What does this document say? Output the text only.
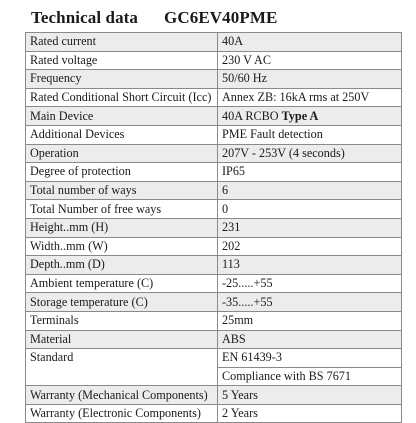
Technical data GC6EV40PME
Rated current	40A
Rated voltage	230 V AC
Frequency	50/60 Hz
Rated Conditional Short Circuit (Icc)	Annex ZB: 16kA rms at 250V
Main Device	40A RCBO Type A
Additional Devices	PME Fault detection
Operation	207V - 253V (4 seconds)
Degree of protection	IP65
Total number of ways	6
Total Number of free ways	0
Height..mm (H)	231
Width..mm (W)	202
Depth..mm (D)	113
Ambient temperature (C)	-25.....+55
Storage temperature (C)	-35.....+55
Terminals	25mm
Material	ABS
Standard	EN 61439-3
	Compliance with BS 7671
Warranty (Mechanical Components)	5 Years
Warranty (Electronic Components)	2 Years
